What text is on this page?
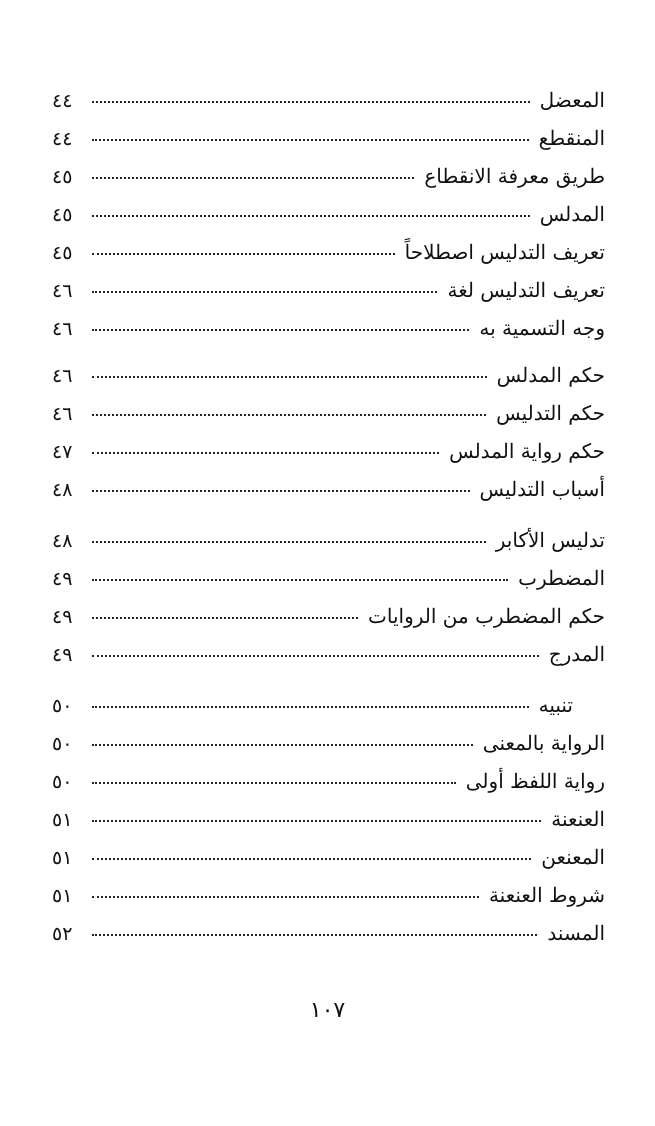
المعضل
٤٤
المنقطع
٤٤
طريق معرفة الانقطاع
٤٥
المدلس
٤٥
تعريف التدليس اصطلاحاً
٤٥
تعريف التدليس لغة
٤٦
وجه التسمية به
٤٦
حكم المدلس
٤٦
حكم التدليس
٤٦
حكم رواية المدلس
٤٧
أسباب التدليس
٤٨
تدليس الأكابر
٤٨
المضطرب
٤٩
حكم المضطرب من الروايات
٤٩
المدرج
٤٩
تنبيه
٥٠
الرواية بالمعنى
٥٠
رواية اللفظ أولى
٥٠
العنعنة
٥١
المعنعن
٥١
شروط العنعنة
٥١
المسند
٥٢
١٠٧
